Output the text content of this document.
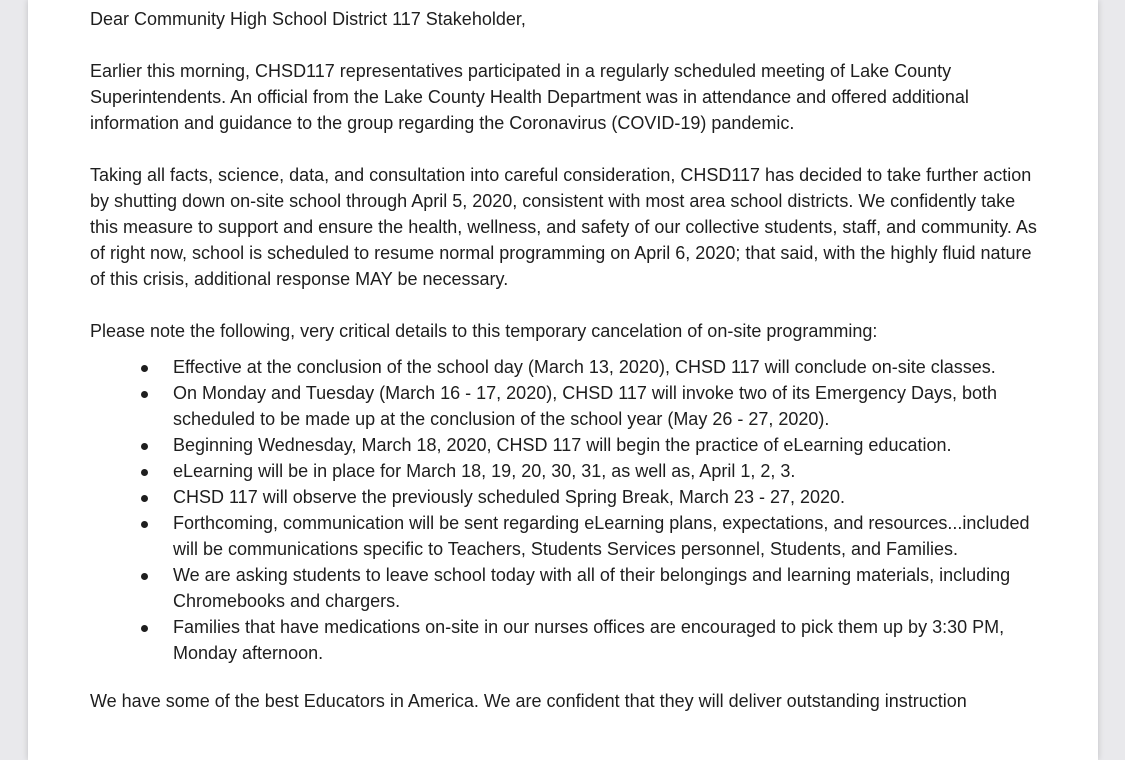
Dear Community High School District 117 Stakeholder,

Earlier this morning, CHSD117 representatives participated in a regularly scheduled meeting of Lake County Superintendents. An official from the Lake County Health Department was in attendance and offered additional information and guidance to the group regarding the Coronavirus (COVID-19) pandemic.

Taking all facts, science, data, and consultation into careful consideration, CHSD117 has decided to take further action by shutting down on-site school through April 5, 2020, consistent with most area school districts. We confidently take this measure to support and ensure the health, wellness, and safety of our collective students, staff, and community. As of right now, school is scheduled to resume normal programming on April 6, 2020; that said, with the highly fluid nature of this crisis, additional response MAY be necessary.

Please note the following, very critical details to this temporary cancelation of on-site programming:

Effective at the conclusion of the school day (March 13, 2020), CHSD 117 will conclude on-site classes.
On Monday and Tuesday (March 16 - 17, 2020), CHSD 117 will invoke two of its Emergency Days, both scheduled to be made up at the conclusion of the school year (May 26 - 27, 2020).
Beginning Wednesday, March 18, 2020, CHSD 117 will begin the practice of eLearning education.
eLearning will be in place for March 18, 19, 20, 30, 31, as well as, April 1, 2, 3.
CHSD 117 will observe the previously scheduled Spring Break, March 23 - 27, 2020.
Forthcoming, communication will be sent regarding eLearning plans, expectations, and resources...included will be communications specific to Teachers, Students Services personnel, Students, and Families.
We are asking students to leave school today with all of their belongings and learning materials, including Chromebooks and chargers.
Families that have medications on-site in our nurses offices are encouraged to pick them up by 3:30 PM, Monday afternoon.

We have some of the best Educators in America. We are confident that they will deliver outstanding instruction
